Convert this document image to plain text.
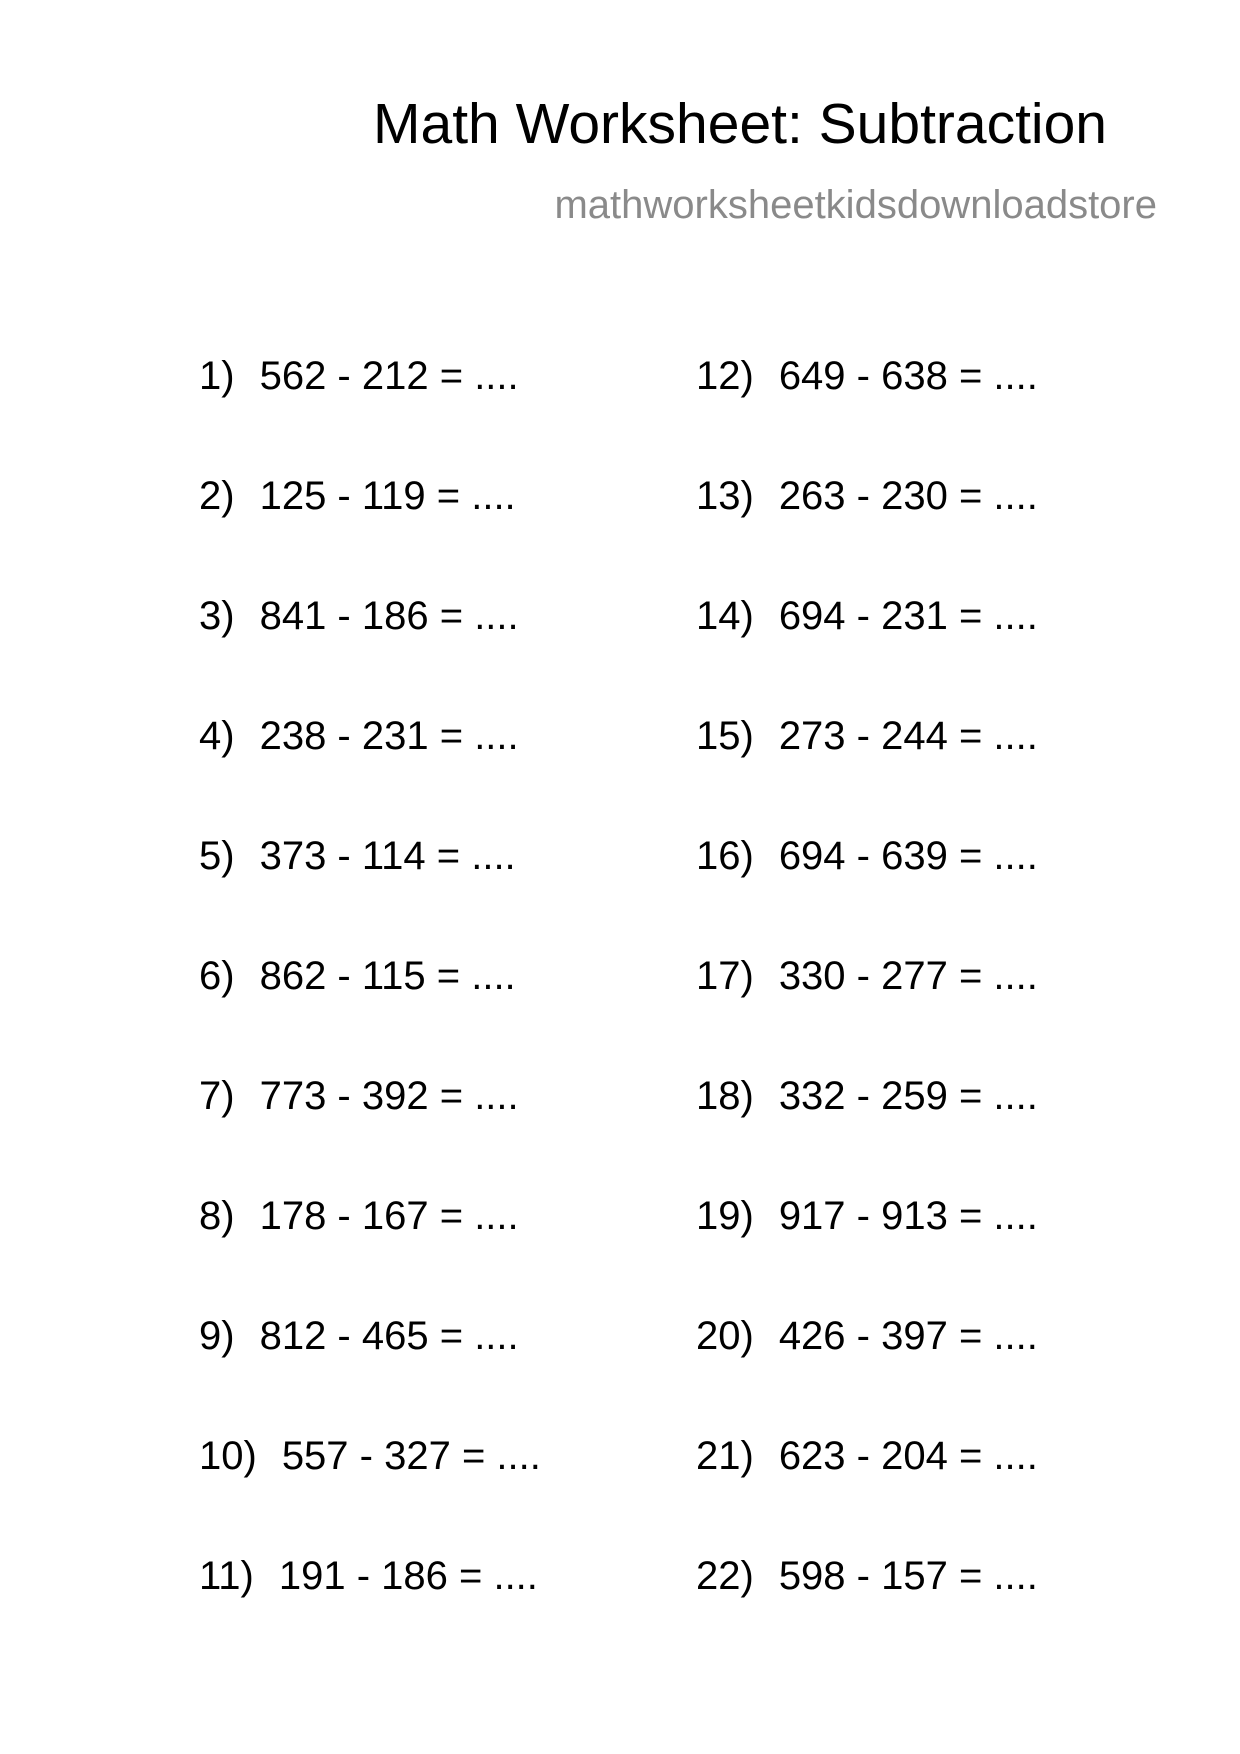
Math Worksheet: Subtraction
mathworksheetkidsdownloadstore
1) 562 - 212 = ....
2) 125 - 119 = ....
3) 841 - 186 = ....
4) 238 - 231 = ....
5) 373 - 114 = ....
6) 862 - 115 = ....
7) 773 - 392 = ....
8) 178 - 167 = ....
9) 812 - 465 = ....
10) 557 - 327 = ....
11) 191 - 186 = ....
12) 649 - 638 = ....
13) 263 - 230 = ....
14) 694 - 231 = ....
15) 273 - 244 = ....
16) 694 - 639 = ....
17) 330 - 277 = ....
18) 332 - 259 = ....
19) 917 - 913 = ....
20) 426 - 397 = ....
21) 623 - 204 = ....
22) 598 - 157 = ....
